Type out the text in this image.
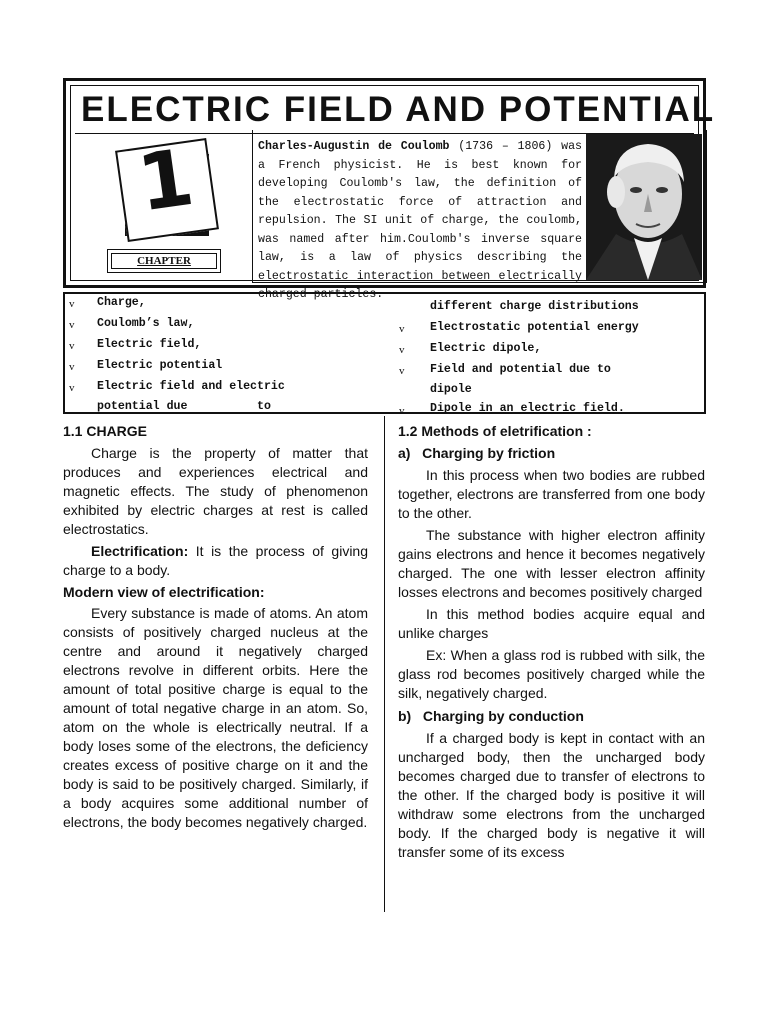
ELECTRIC FIELD AND POTENTIAL
1
CHAPTER
Charles-Augustin de Coulomb (1736 – 1806) was a French physicist. He is best known for developing Coulomb's law, the definition of the electrostatic force of attraction and repulsion. The SI unit of charge, the coulomb, was named after him.Coulomb's inverse square law, is a law of physics describing the electrostatic interaction between electrically charged particles.
v Charge,
v Coulomb’s law,
v Electric field,
v Electric potential
v Electric field and electric
potential due          to
different charge distributions
v Electrostatic potential energy
v Electric dipole,
v Field and potential due to
dipole
v Dipole in an electric field.

1.1 CHARGE

Charge is the property of matter that produces and experiences electrical and magnetic effects. The study of phenomenon exhibited by electric charges at rest is called electrostatics.

Electrification: It is the process of giving charge to a body.

Modern view of electrification:

Every substance is made of atoms. An atom consists of positively charged nucleus at the centre and around it negatively charged electrons revolve in different orbits. Here the amount of total positive charge is equal to the amount of total negative charge in an atom. So, atom on the whole is electrically neutral. If a body loses some of the electrons, the deficiency creates excess of positive charge on it and the body is said to be positively charged. Similarly, if a body acquires some additional number of electrons, the body becomes negatively charged.

1.2 Methods of eletrification :

a)   Charging by friction

In this process when two bodies are rubbed together, electrons are transferred from one body to the other.

The substance with higher electron affinity gains electrons and hence it becomes negatively charged. The one with lesser electron affinity losses electrons and becomes positively charged

In this method bodies acquire equal and unlike charges

Ex: When a glass rod is rubbed with silk, the glass rod becomes positively charged while the silk, negatively charged.

b)   Charging by conduction

If a charged body is kept in contact with an uncharged body, then the uncharged body becomes charged due to transfer of electrons to the other. If the charged body is positive it will withdraw some electrons from the uncharged body. If the charged body is negative it will transfer some of its excess
